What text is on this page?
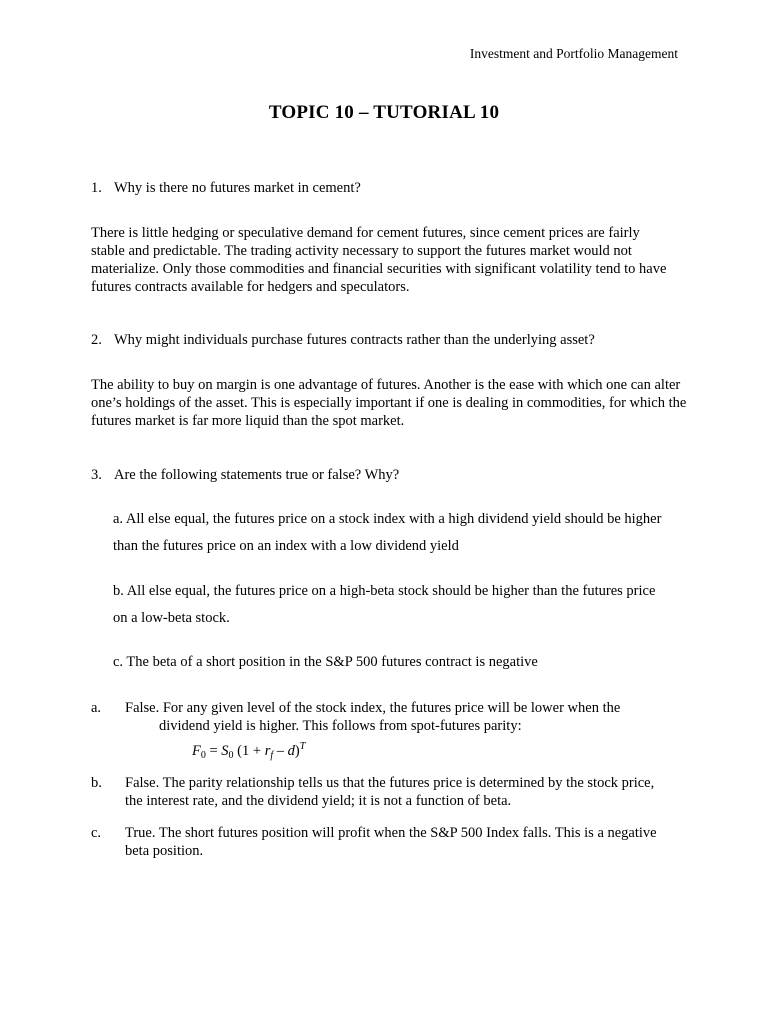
Investment and Portfolio Management
TOPIC 10 – TUTORIAL 10
1. Why is there no futures market in cement?
There is little hedging or speculative demand for cement futures, since cement prices are fairly
stable and predictable. The trading activity necessary to support the futures market would not
materialize. Only those commodities and financial securities with significant volatility tend to have
futures contracts available for hedgers and speculators.
2. Why might individuals purchase futures contracts rather than the underlying asset?
The ability to buy on margin is one advantage of futures. Another is the ease with which one can alter
one’s holdings of the asset. This is especially important if one is dealing in commodities, for which the
futures market is far more liquid than the spot market.
3. Are the following statements true or false? Why?
a. All else equal, the futures price on a stock index with a high dividend yield should be higher
than the futures price on an index with a low dividend yield
b. All else equal, the futures price on a high-beta stock should be higher than the futures price
on a low-beta stock.
c. The beta of a short position in the S&P 500 futures contract is negative
a. False. For any given level of the stock index, the futures price will be lower when the
dividend yield is higher. This follows from spot-futures parity:
$F_0 = S_0$ $(1 + r_f - d)^T$
b. False. The parity relationship tells us that the futures price is determined by the stock price,
the interest rate, and the dividend yield; it is not a function of beta.
c. True. The short futures position will profit when the S&P 500 Index falls. This is a negative
beta position.
